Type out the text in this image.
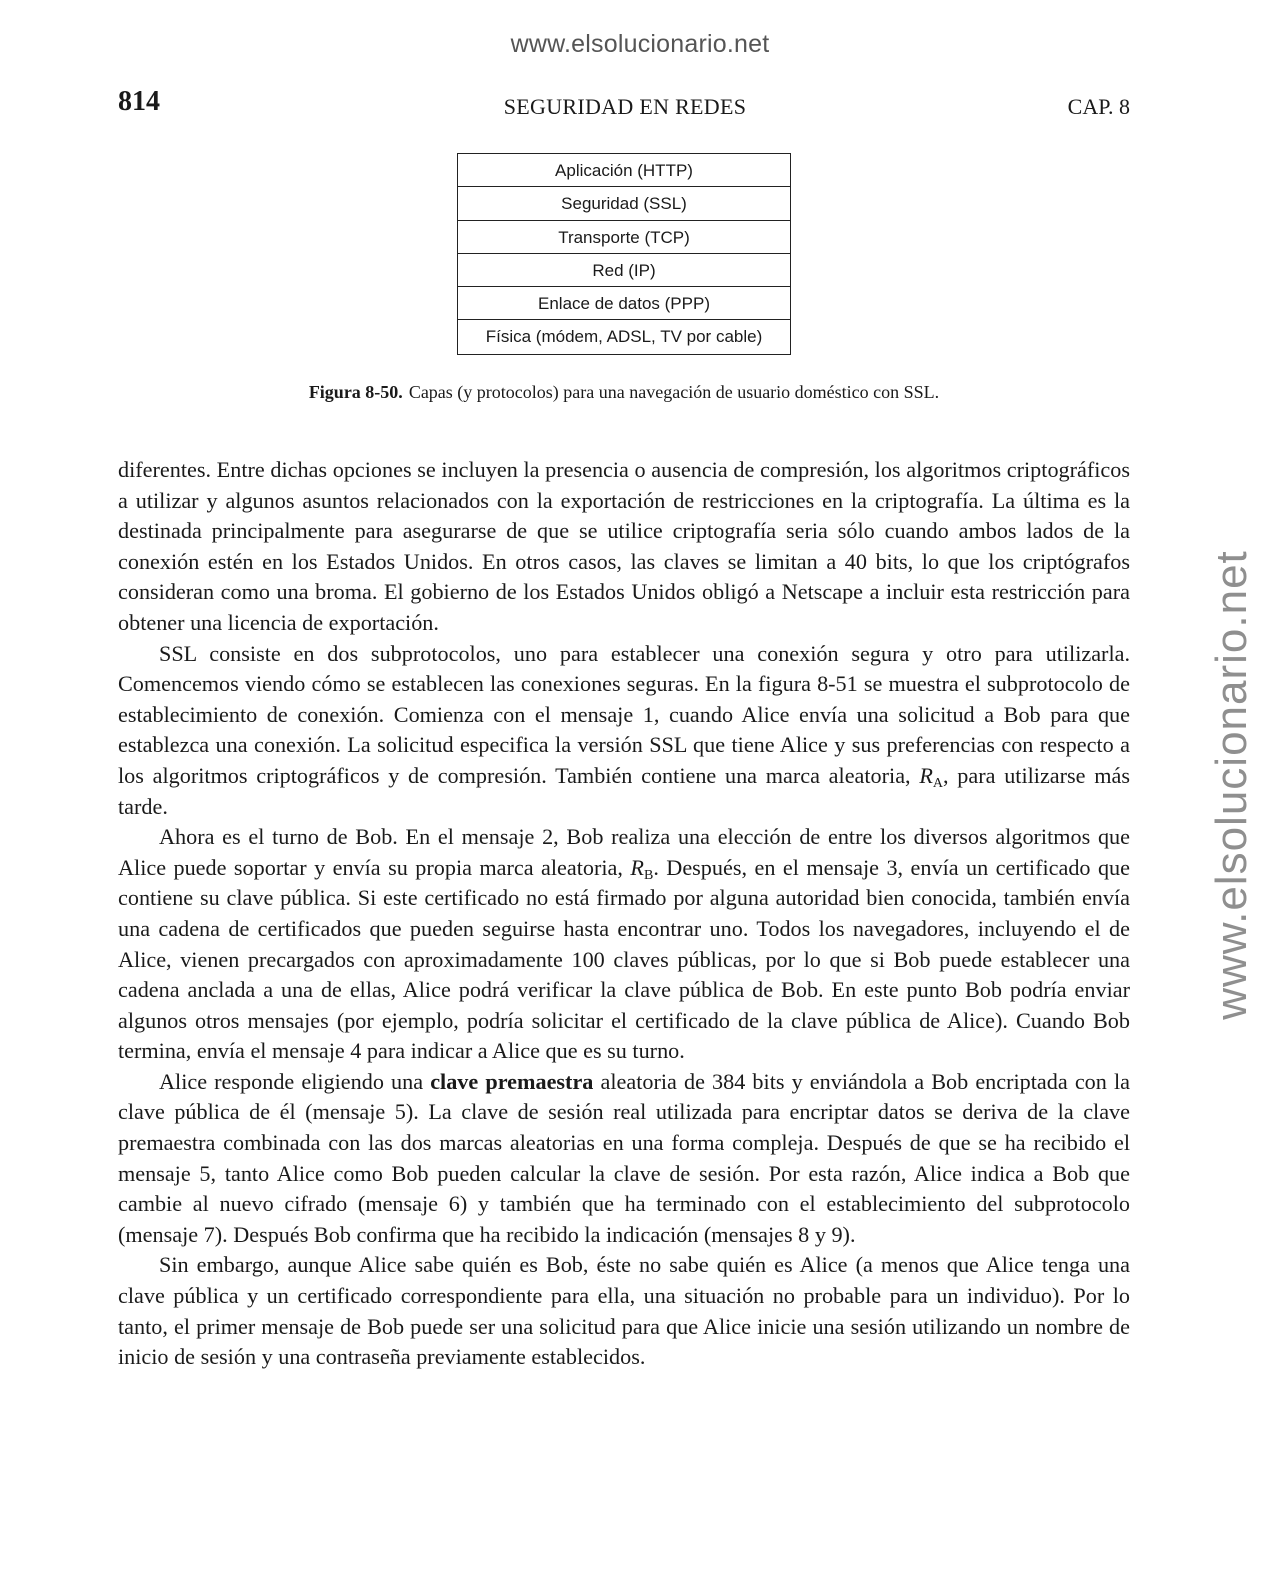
www.elsolucionario.net
www.elsolucionario.net
814	SEGURIDAD EN REDES	CAP. 8
Aplicación (HTTP)
Seguridad (SSL)
Transporte (TCP)
Red (IP)
Enlace de datos (PPP)
Física (módem, ADSL, TV por cable)
Figura 8-50. Capas (y protocolos) para una navegación de usuario doméstico con SSL.

diferentes. Entre dichas opciones se incluyen la presencia o ausencia de compresión, los algoritmos criptográficos a utilizar y algunos asuntos relacionados con la exportación de restricciones en la criptografía. La última es la destinada principalmente para asegurarse de que se utilice criptografía seria sólo cuando ambos lados de la conexión estén en los Estados Unidos. En otros casos, las claves se limitan a 40 bits, lo que los criptógrafos consideran como una broma. El gobierno de los Estados Unidos obligó a Netscape a incluir esta restricción para obtener una licencia de exportación.

SSL consiste en dos subprotocolos, uno para establecer una conexión segura y otro para utilizarla. Comencemos viendo cómo se establecen las conexiones seguras. En la figura 8-51 se muestra el subprotocolo de establecimiento de conexión. Comienza con el mensaje 1, cuando Alice envía una solicitud a Bob para que establezca una conexión. La solicitud especifica la versión SSL que tiene Alice y sus preferencias con respecto a los algoritmos criptográficos y de compresión. También contiene una marca aleatoria, $R_A$, para utilizarse más tarde.

Ahora es el turno de Bob. En el mensaje 2, Bob realiza una elección de entre los diversos algoritmos que Alice puede soportar y envía su propia marca aleatoria, $R_B$. Después, en el mensaje 3, envía un certificado que contiene su clave pública. Si este certificado no está firmado por alguna autoridad bien conocida, también envía una cadena de certificados que pueden seguirse hasta encontrar uno. Todos los navegadores, incluyendo el de Alice, vienen precargados con aproximadamente 100 claves públicas, por lo que si Bob puede establecer una cadena anclada a una de ellas, Alice podrá verificar la clave pública de Bob. En este punto Bob podría enviar algunos otros mensajes (por ejemplo, podría solicitar el certificado de la clave pública de Alice). Cuando Bob termina, envía el mensaje 4 para indicar a Alice que es su turno.

Alice responde eligiendo una clave premaestra aleatoria de 384 bits y enviándola a Bob encriptada con la clave pública de él (mensaje 5). La clave de sesión real utilizada para encriptar datos se deriva de la clave premaestra combinada con las dos marcas aleatorias en una forma compleja. Después de que se ha recibido el mensaje 5, tanto Alice como Bob pueden calcular la clave de sesión. Por esta razón, Alice indica a Bob que cambie al nuevo cifrado (mensaje 6) y también que ha terminado con el establecimiento del subprotocolo (mensaje 7). Después Bob confirma que ha recibido la indicación (mensajes 8 y 9).

Sin embargo, aunque Alice sabe quién es Bob, éste no sabe quién es Alice (a menos que Alice tenga una clave pública y un certificado correspondiente para ella, una situación no probable para un individuo). Por lo tanto, el primer mensaje de Bob puede ser una solicitud para que Alice inicie una sesión utilizando un nombre de inicio de sesión y una contraseña previamente establecidos.
